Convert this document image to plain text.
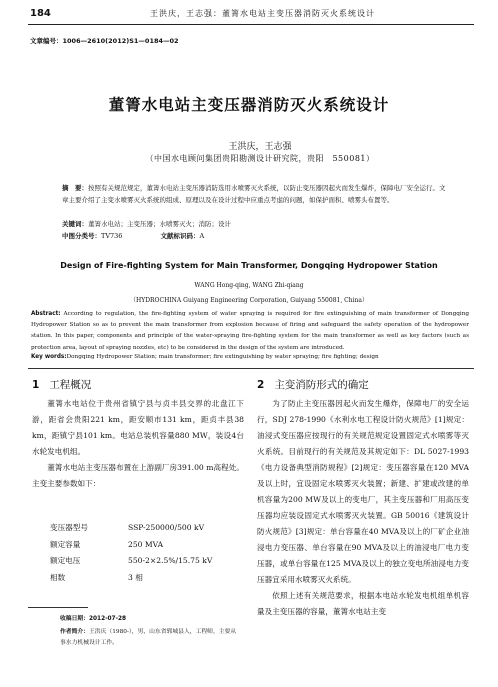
184	王洪庆，王志强：董箐水电站主变压器消防灭火系统设计
文章编号：1006—2610(2012)S1—0184—02
董箐水电站主变压器消防灭火系统设计
王洪庆，王志强
（中国水电顾问集团贵阳勘测设计研究院，贵阳　550081）
摘　要：按照有关规范规定，董箐水电站主变压器消防选用水喷雾灭火系统，以防止变压器因起火而发生爆炸，保障电厂安全运行。文章主要介绍了主变水喷雾灭火系统的组成、原理以及在设计过程中应重点考虑的问题，如保护面积、喷雾头布置等。
关键词：董箐水电站；主变压器；水喷雾灭火；消防；设计
中图分类号：TV736	文献标识码：A
Design of Fire-fighting System for Main Transformer, Dongqing Hydropower Station
WANG Hong-qing, WANG Zhi-qiang
（HYDROCHINA Guiyang Engineering Corporation, Guiyang 550081, China）
Abstract: According to regulation, the fire-fighting system of water spraying is required for fire extinguishing of main transformer of Dongqing Hydropower Station so as to prevent the main transformer from explosion because of firing and safeguard the safety operation of the hydropower station. In this paper, components and principle of the water-spraying fire-fighting system for the main transformer as well as key factors (such as protection area, layout of spraying nozzles, etc) to be considered in the design of the system are introduced.
Key words:Dongqing Hydropower Station; main transformer; fire extinguishing by water spraying; fire fighting; design
1 工程概况

董箐水电站位于贵州省镇宁县与贞丰县交界的北盘江下游，距省会贵阳221 km，距安顺市131 km，距贞丰县38 km，距镇宁县101 km。电站总装机容量880 MW，装设4台水轮发电机组。

董箐水电站主变压器布置在上游副厂房391.00 m高程处。主变主要参数如下：

变压器型号	SSP-250000/500 kV
额定容量	250 MVA
额定电压	550-2×2.5%/15.75 kV
相数	3 相
收稿日期：2012-07-28
作者简介：王洪庆（1980-），男，山东省郓城县人，工程师，主要从事水力机械设计工作。
2 主变消防形式的确定

为了防止主变压器因起火而发生爆炸，保障电厂的安全运行，SDJ 278-1990《水利水电工程设计防火规范》[1]规定：油浸式变压器应按现行的有关规范规定设置固定式水喷雾等灭火系统。目前现行的有关规范及其规定如下：DL 5027-1993《电力设备典型消防规程》[2]规定：变压器容量在120 MVA及以上时，宜设固定水喷雾灭火装置；新建、扩建或改建的单机容量为200 MW及以上的变电厂，其主变压器和厂用高压变压器均应装设固定式水喷雾灭火装置。GB 50016《建筑设计防火规范》[3]规定：单台容量在40 MVA及以上的厂矿企业油浸电力变压器、单台容量在90 MVA及以上的油浸电厂电力变压器，或单台容量在125 MVA及以上的独立变电所油浸电力变压器宜采用水喷雾灭火系统。

依照上述有关规范要求，根据本电站水轮发电机组单机容量及主变压器的容量，董箐水电站主变
